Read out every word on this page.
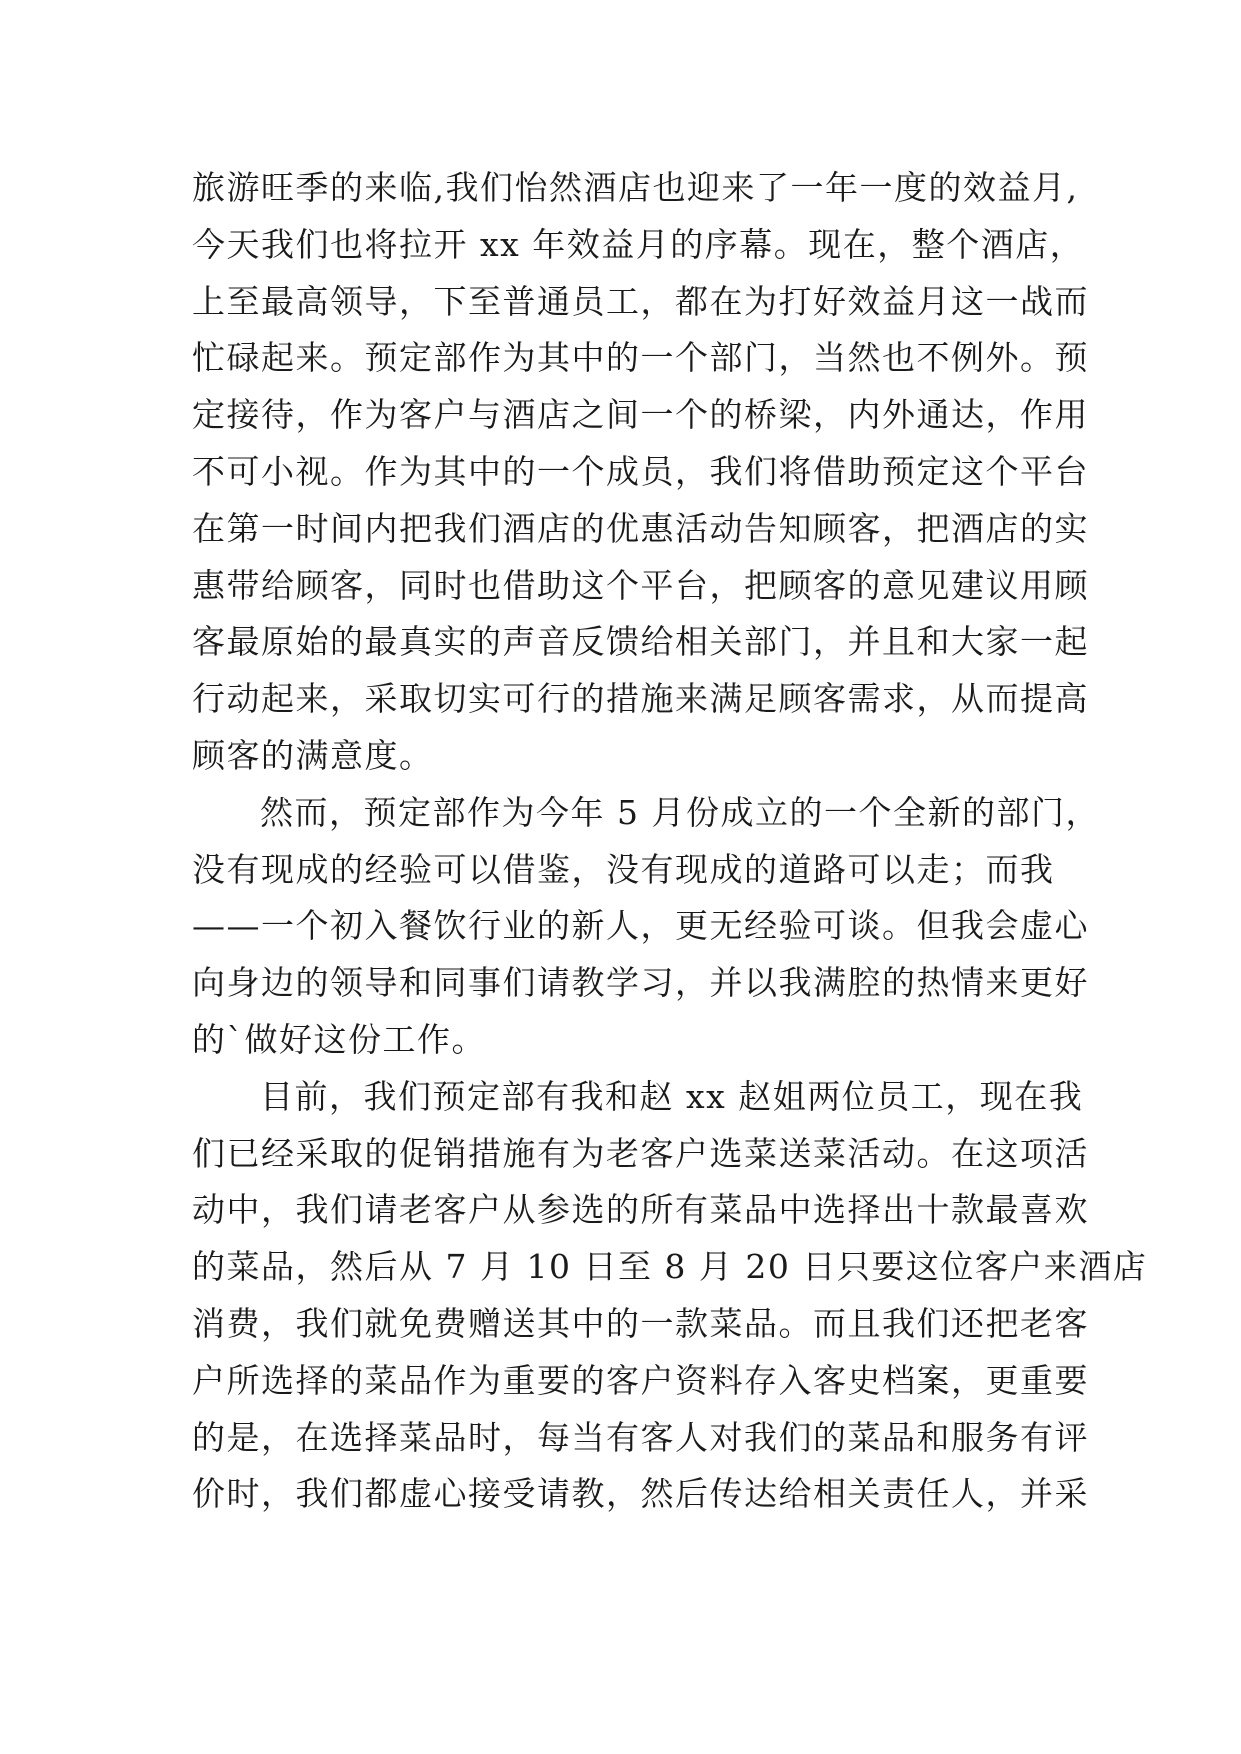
旅游旺季的来临,我们怡然酒店也迎来了一年一度的效益月,
今天我们也将拉开 xx 年效益月的序幕。现在，整个酒店，
上至最高领导，下至普通员工，都在为打好效益月这一战而
忙碌起来。预定部作为其中的一个部门，当然也不例外。预
定接待，作为客户与酒店之间一个的桥梁，内外通达，作用
不可小视。作为其中的一个成员，我们将借助预定这个平台
在第一时间内把我们酒店的优惠活动告知顾客，把酒店的实
惠带给顾客，同时也借助这个平台，把顾客的意见建议用顾
客最原始的最真实的声音反馈给相关部门，并且和大家一起
行动起来，采取切实可行的措施来满足顾客需求，从而提高
顾客的满意度。
然而，预定部作为今年 5 月份成立的一个全新的部门，
没有现成的经验可以借鉴，没有现成的道路可以走；而我
——一个初入餐饮行业的新人，更无经验可谈。但我会虚心
向身边的领导和同事们请教学习，并以我满腔的热情来更好
的`做好这份工作。
目前，我们预定部有我和赵 xx 赵姐两位员工，现在我
们已经采取的促销措施有为老客户选菜送菜活动。在这项活
动中，我们请老客户从参选的所有菜品中选择出十款最喜欢
的菜品，然后从 7 月 10 日至 8 月 20 日只要这位客户来酒店
消费，我们就免费赠送其中的一款菜品。而且我们还把老客
户所选择的菜品作为重要的客户资料存入客史档案，更重要
的是，在选择菜品时，每当有客人对我们的菜品和服务有评
价时，我们都虚心接受请教，然后传达给相关责任人，并采
